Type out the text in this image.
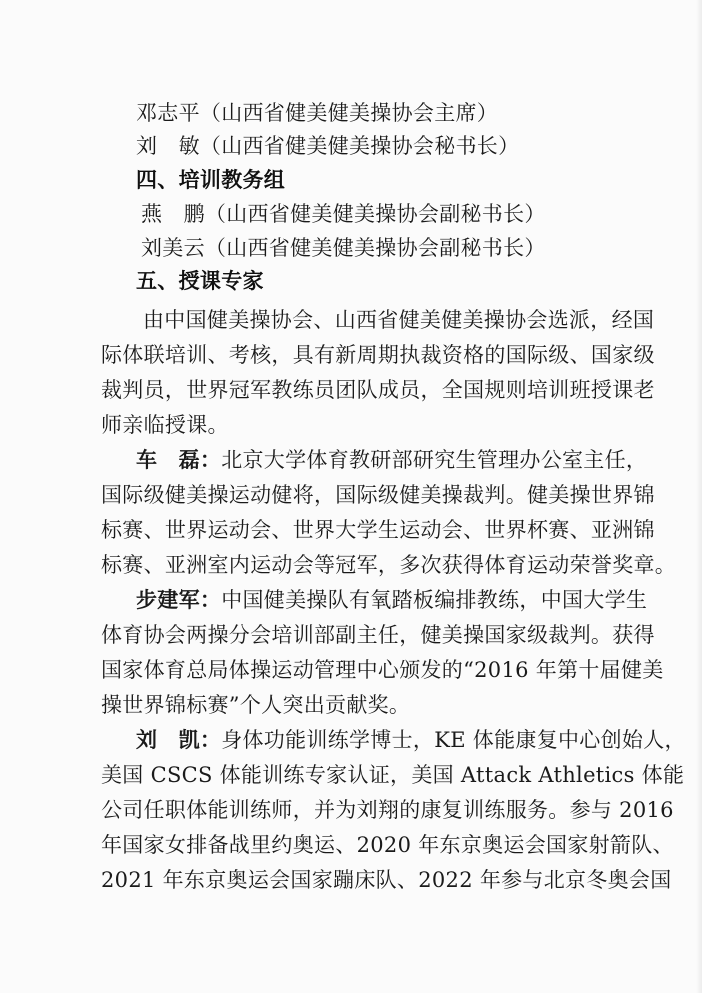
邓志平（山西省健美健美操协会主席）
刘　敏（山西省健美健美操协会秘书长）
四、培训教务组
燕　鹏（山西省健美健美操协会副秘书长）
刘美云（山西省健美健美操协会副秘书长）
五、授课专家
由中国健美操协会、山西省健美健美操协会选派，经国
际体联培训、考核，具有新周期执裁资格的国际级、国家级
裁判员，世界冠军教练员团队成员，全国规则培训班授课老
师亲临授课。
车　磊：北京大学体育教研部研究生管理办公室主任，
国际级健美操运动健将，国际级健美操裁判。健美操世界锦
标赛、世界运动会、世界大学生运动会、世界杯赛、亚洲锦
标赛、亚洲室内运动会等冠军，多次获得体育运动荣誉奖章。
步建军：中国健美操队有氧踏板编排教练，中国大学生
体育协会两操分会培训部副主任，健美操国家级裁判。获得
国家体育总局体操运动管理中心颁发的“2016 年第十届健美
操世界锦标赛”个人突出贡献奖。
刘　凯：身体功能训练学博士，KE 体能康复中心创始人，
美国 CSCS 体能训练专家认证，美国 Attack Athletics 体能
公司任职体能训练师，并为刘翔的康复训练服务。参与 2016
年国家女排备战里约奥运、2020 年东京奥运会国家射箭队、
2021 年东京奥运会国家蹦床队、2022 年参与北京冬奥会国
